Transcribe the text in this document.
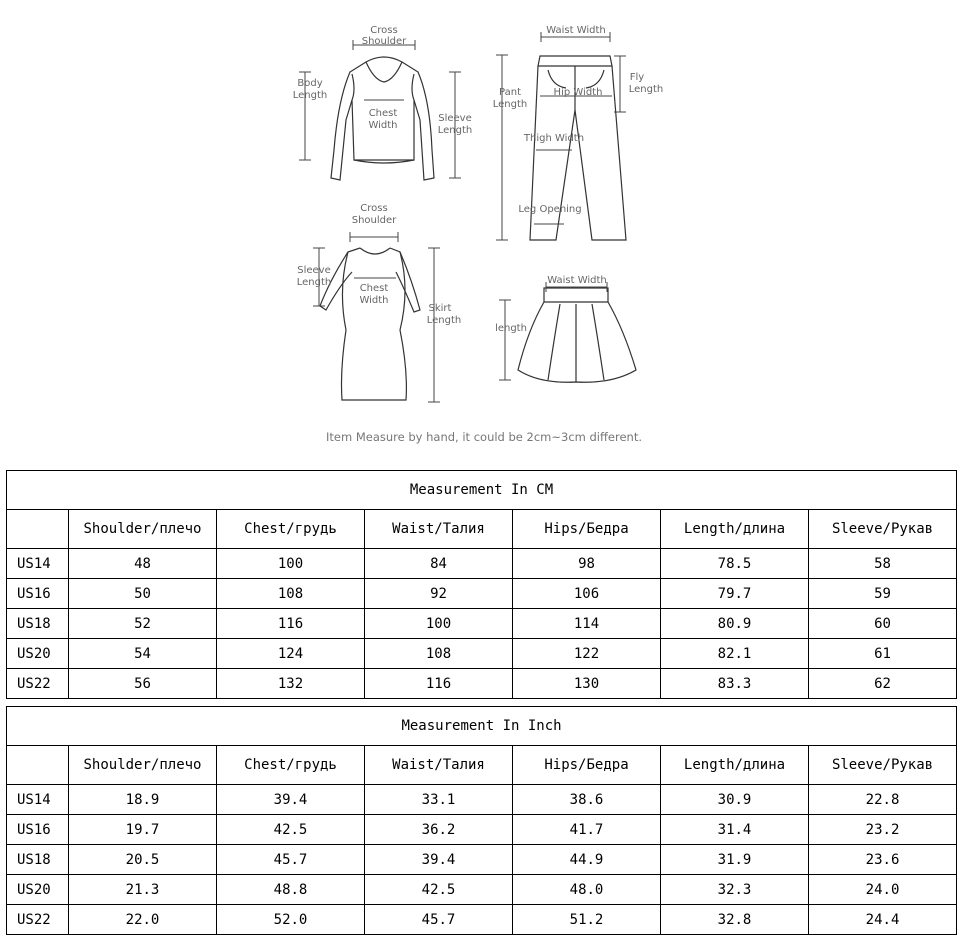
Cross Shoulder
Body Length
Chest Width
Sleeve Length
Waist Width
Pant Length
Fly Length
Hip Width
Thigh Width
Leg Opening
Cross Shoulder
Sleeve Length
Chest Width
Skirt Length
Waist Width
length
Item Measure by hand, it could be 2cm~3cm different.
Measurement In CM						
	Shoulder/плечо	Chest/грудь	Waist/Талия	Hips/Бедра	Length/длина	Sleeve/Рукав
US14	48	100	84	98	78.5	58
US16	50	108	92	106	79.7	59
US18	52	116	100	114	80.9	60
US20	54	124	108	122	82.1	61
US22	56	132	116	130	83.3	62
Measurement In Inch						
	Shoulder/плечо	Chest/грудь	Waist/Талия	Hips/Бедра	Length/длина	Sleeve/Рукав
US14	18.9	39.4	33.1	38.6	30.9	22.8
US16	19.7	42.5	36.2	41.7	31.4	23.2
US18	20.5	45.7	39.4	44.9	31.9	23.6
US20	21.3	48.8	42.5	48.0	32.3	24.0
US22	22.0	52.0	45.7	51.2	32.8	24.4
